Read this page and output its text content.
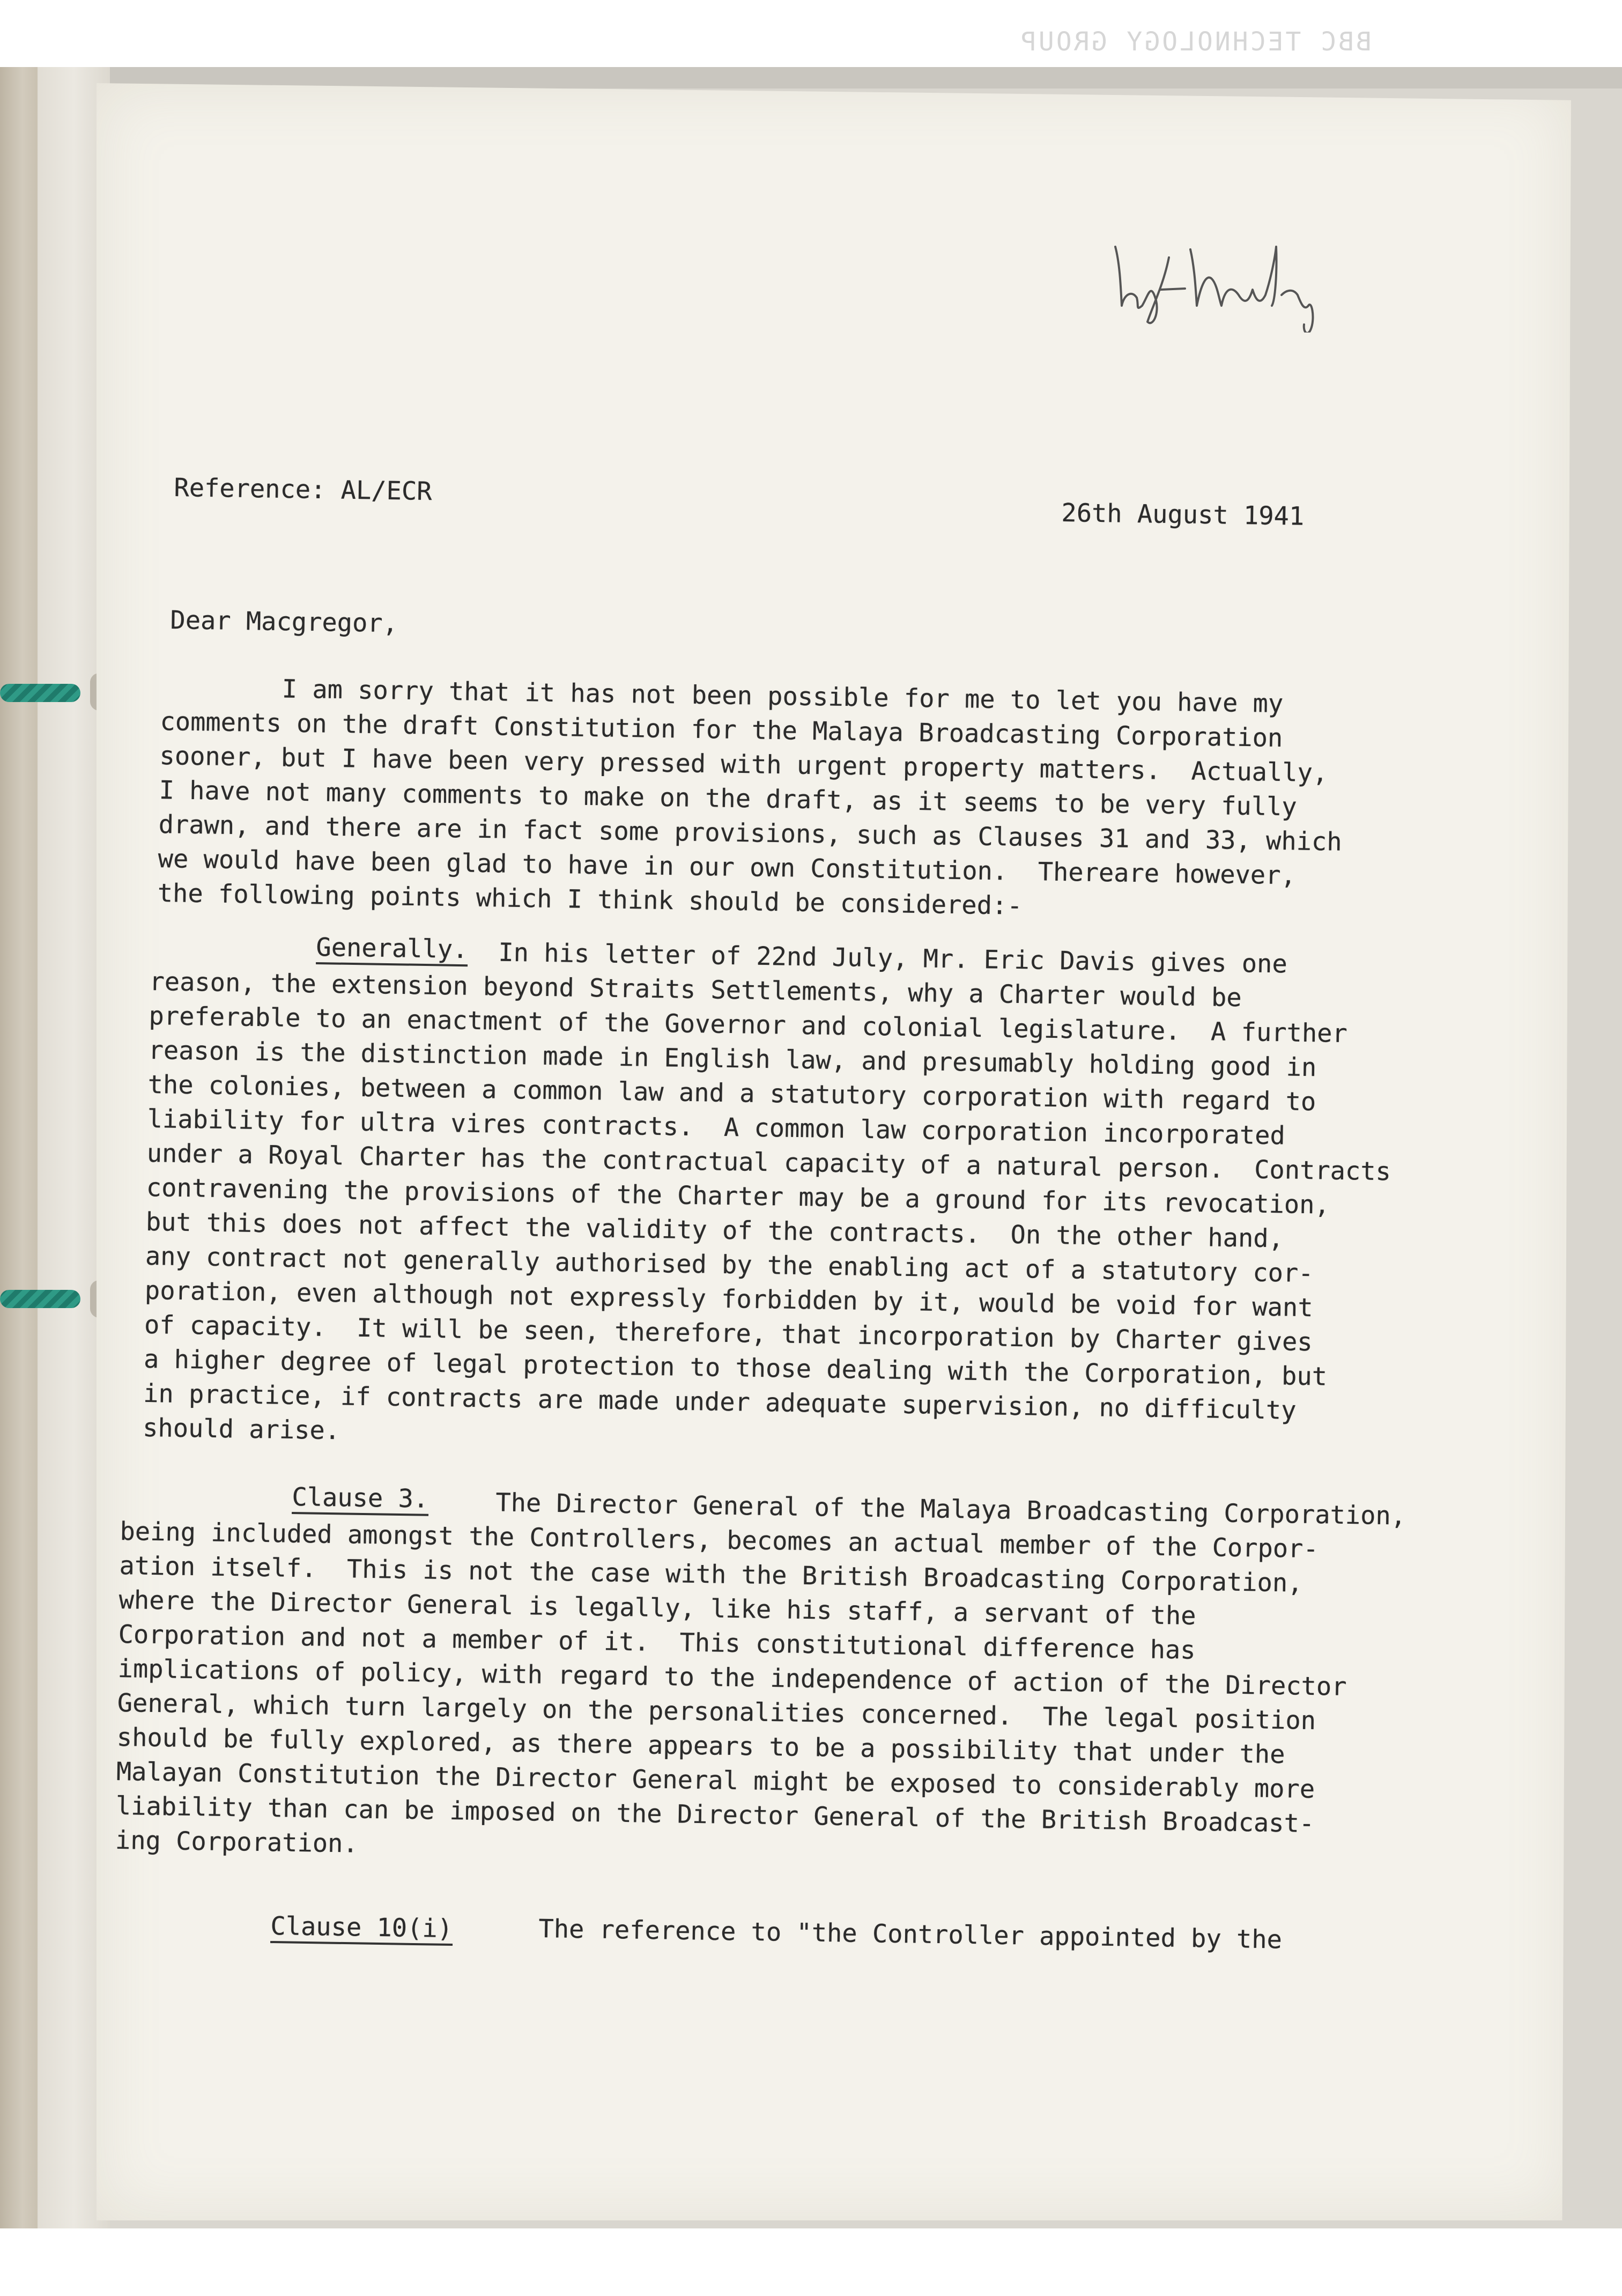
BBC TECHNOLOGY GROUP
Reference: AL/ECR
26th August 1941
Dear Macgregor,
I am sorry that it has not been possible for me to let you have my
comments on the draft Constitution for the Malaya Broadcasting Corporation
sooner, but I have been very pressed with urgent property matters.  Actually,
I have not many comments to make on the draft, as it seems to be very fully
drawn, and there are in fact some provisions, such as Clauses 31 and 33, which
we would have been glad to have in our own Constitution.  Thereare however,
the following points which I think should be considered:-
Generally.	In his letter of 22nd July, Mr. Eric Davis gives one
reason, the extension beyond Straits Settlements, why a Charter would be
preferable to an enactment of the Governor and colonial legislature.  A further
reason is the distinction made in English law, and presumably holding good in
the colonies, between a common law and a statutory corporation with regard to
liability for ultra vires contracts.  A common law corporation incorporated
under a Royal Charter has the contractual capacity of a natural person.  Contracts
contravening the provisions of the Charter may be a ground for its revocation,
but this does not affect the validity of the contracts.  On the other hand,
any contract not generally authorised by the enabling act of a statutory cor-
poration, even although not expressly forbidden by it, would be void for want
of capacity.  It will be seen, therefore, that incorporation by Charter gives
a higher degree of legal protection to those dealing with the Corporation, but
in practice, if contracts are made under adequate supervision, no difficulty
should arise.
Clause 3.	The Director General of the Malaya Broadcasting Corporation,
being included amongst the Controllers, becomes an actual member of the Corpor-
ation itself.  This is not the case with the British Broadcasting Corporation,
where the Director General is legally, like his staff, a servant of the
Corporation and not a member of it.  This constitutional difference has
implications of policy, with regard to the independence of action of the Director
General, which turn largely on the personalities concerned.  The legal position
should be fully explored, as there appears to be a possibility that under the
Malayan Constitution the Director General might be exposed to considerably more
liability than can be imposed on the Director General of the British Broadcast-
ing Corporation.
Clause 10(i)	The reference to "the Controller appointed by the
